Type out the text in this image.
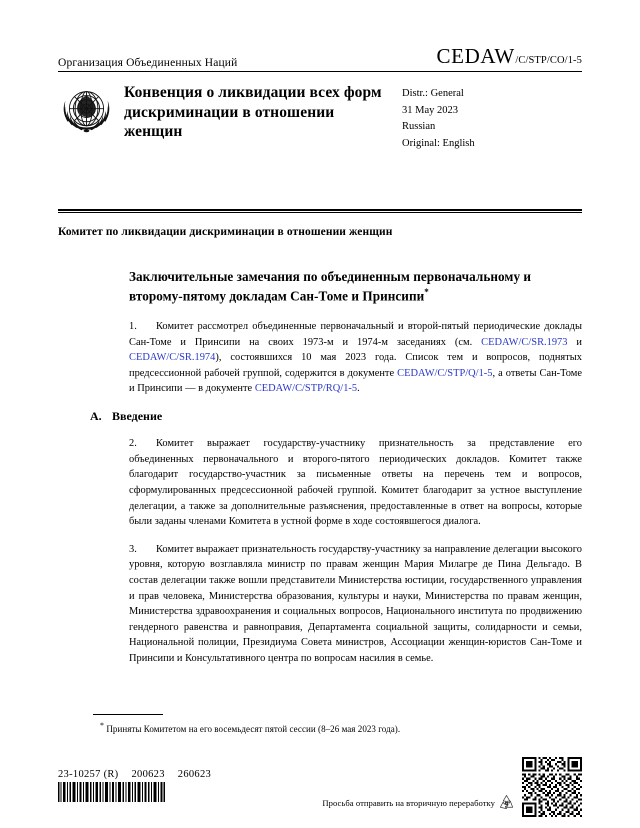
Организация Объединенных Наций	CEDAW /C/STP/CO/1-5
Конвенция о ликвидации всех форм дискриминации в отношении женщин
Distr.: General
31 May 2023
Russian
Original: English
Комитет по ликвидации дискриминации в отношении женщин
Заключительные замечания по объединенным первоначальному и второму-пятому докладам Сан-Томе и Принсипи*

1. Комитет рассмотрел объединенные первоначальный и второй-пятый периодические доклады Сан-Томе и Принсипи на своих 1973-м и 1974-м заседаниях (см. CEDAW/C/SR.1973 и CEDAW/C/SR.1974), состоявшихся 10 мая 2023 года. Список тем и вопросов, поднятых предсессионной рабочей группой, содержится в документе CEDAW/C/STP/Q/1-5, а ответы Сан-Томе и Принсипи — в документе CEDAW/C/STP/RQ/1-5.

A. Введение

2. Комитет выражает государству-участнику признательность за представление его объединенных первоначального и второго-пятого периодических докладов. Комитет также благодарит государство-участник за письменные ответы на перечень тем и вопросов, сформулированных предсессионной рабочей группой. Комитет благодарит за устное выступление делегации, а также за дополнительные разъяснения, предоставленные в ответ на вопросы, которые были заданы членами Комитета в устной форме в ходе состоявшегося диалога.

3. Комитет выражает признательность государству-участнику за направление делегации высокого уровня, которую возглавляла министр по правам женщин Мария Милагре де Пина Дельгадо. В состав делегации также вошли представители Министерства юстиции, государственного управления и прав человека, Министерства образования, культуры и науки, Министерства по правам женщин, Министерства здравоохранения и социальных вопросов, Национального института по продвижению гендерного равенства и равноправия, Департамента социальной защиты, солидарности и семьи, Национальной полиции, Президиума Совета министров, Ассоциации женщин-юристов Сан-Томе и Принсипи и Консультативного центра по вопросам насилия в семье.

* Приняты Комитетом на его восемьдесят пятой сессии (8–26 мая 2023 года).
23-10257 (R) 200623 260623
Просьба отправить на вторичную переработку
